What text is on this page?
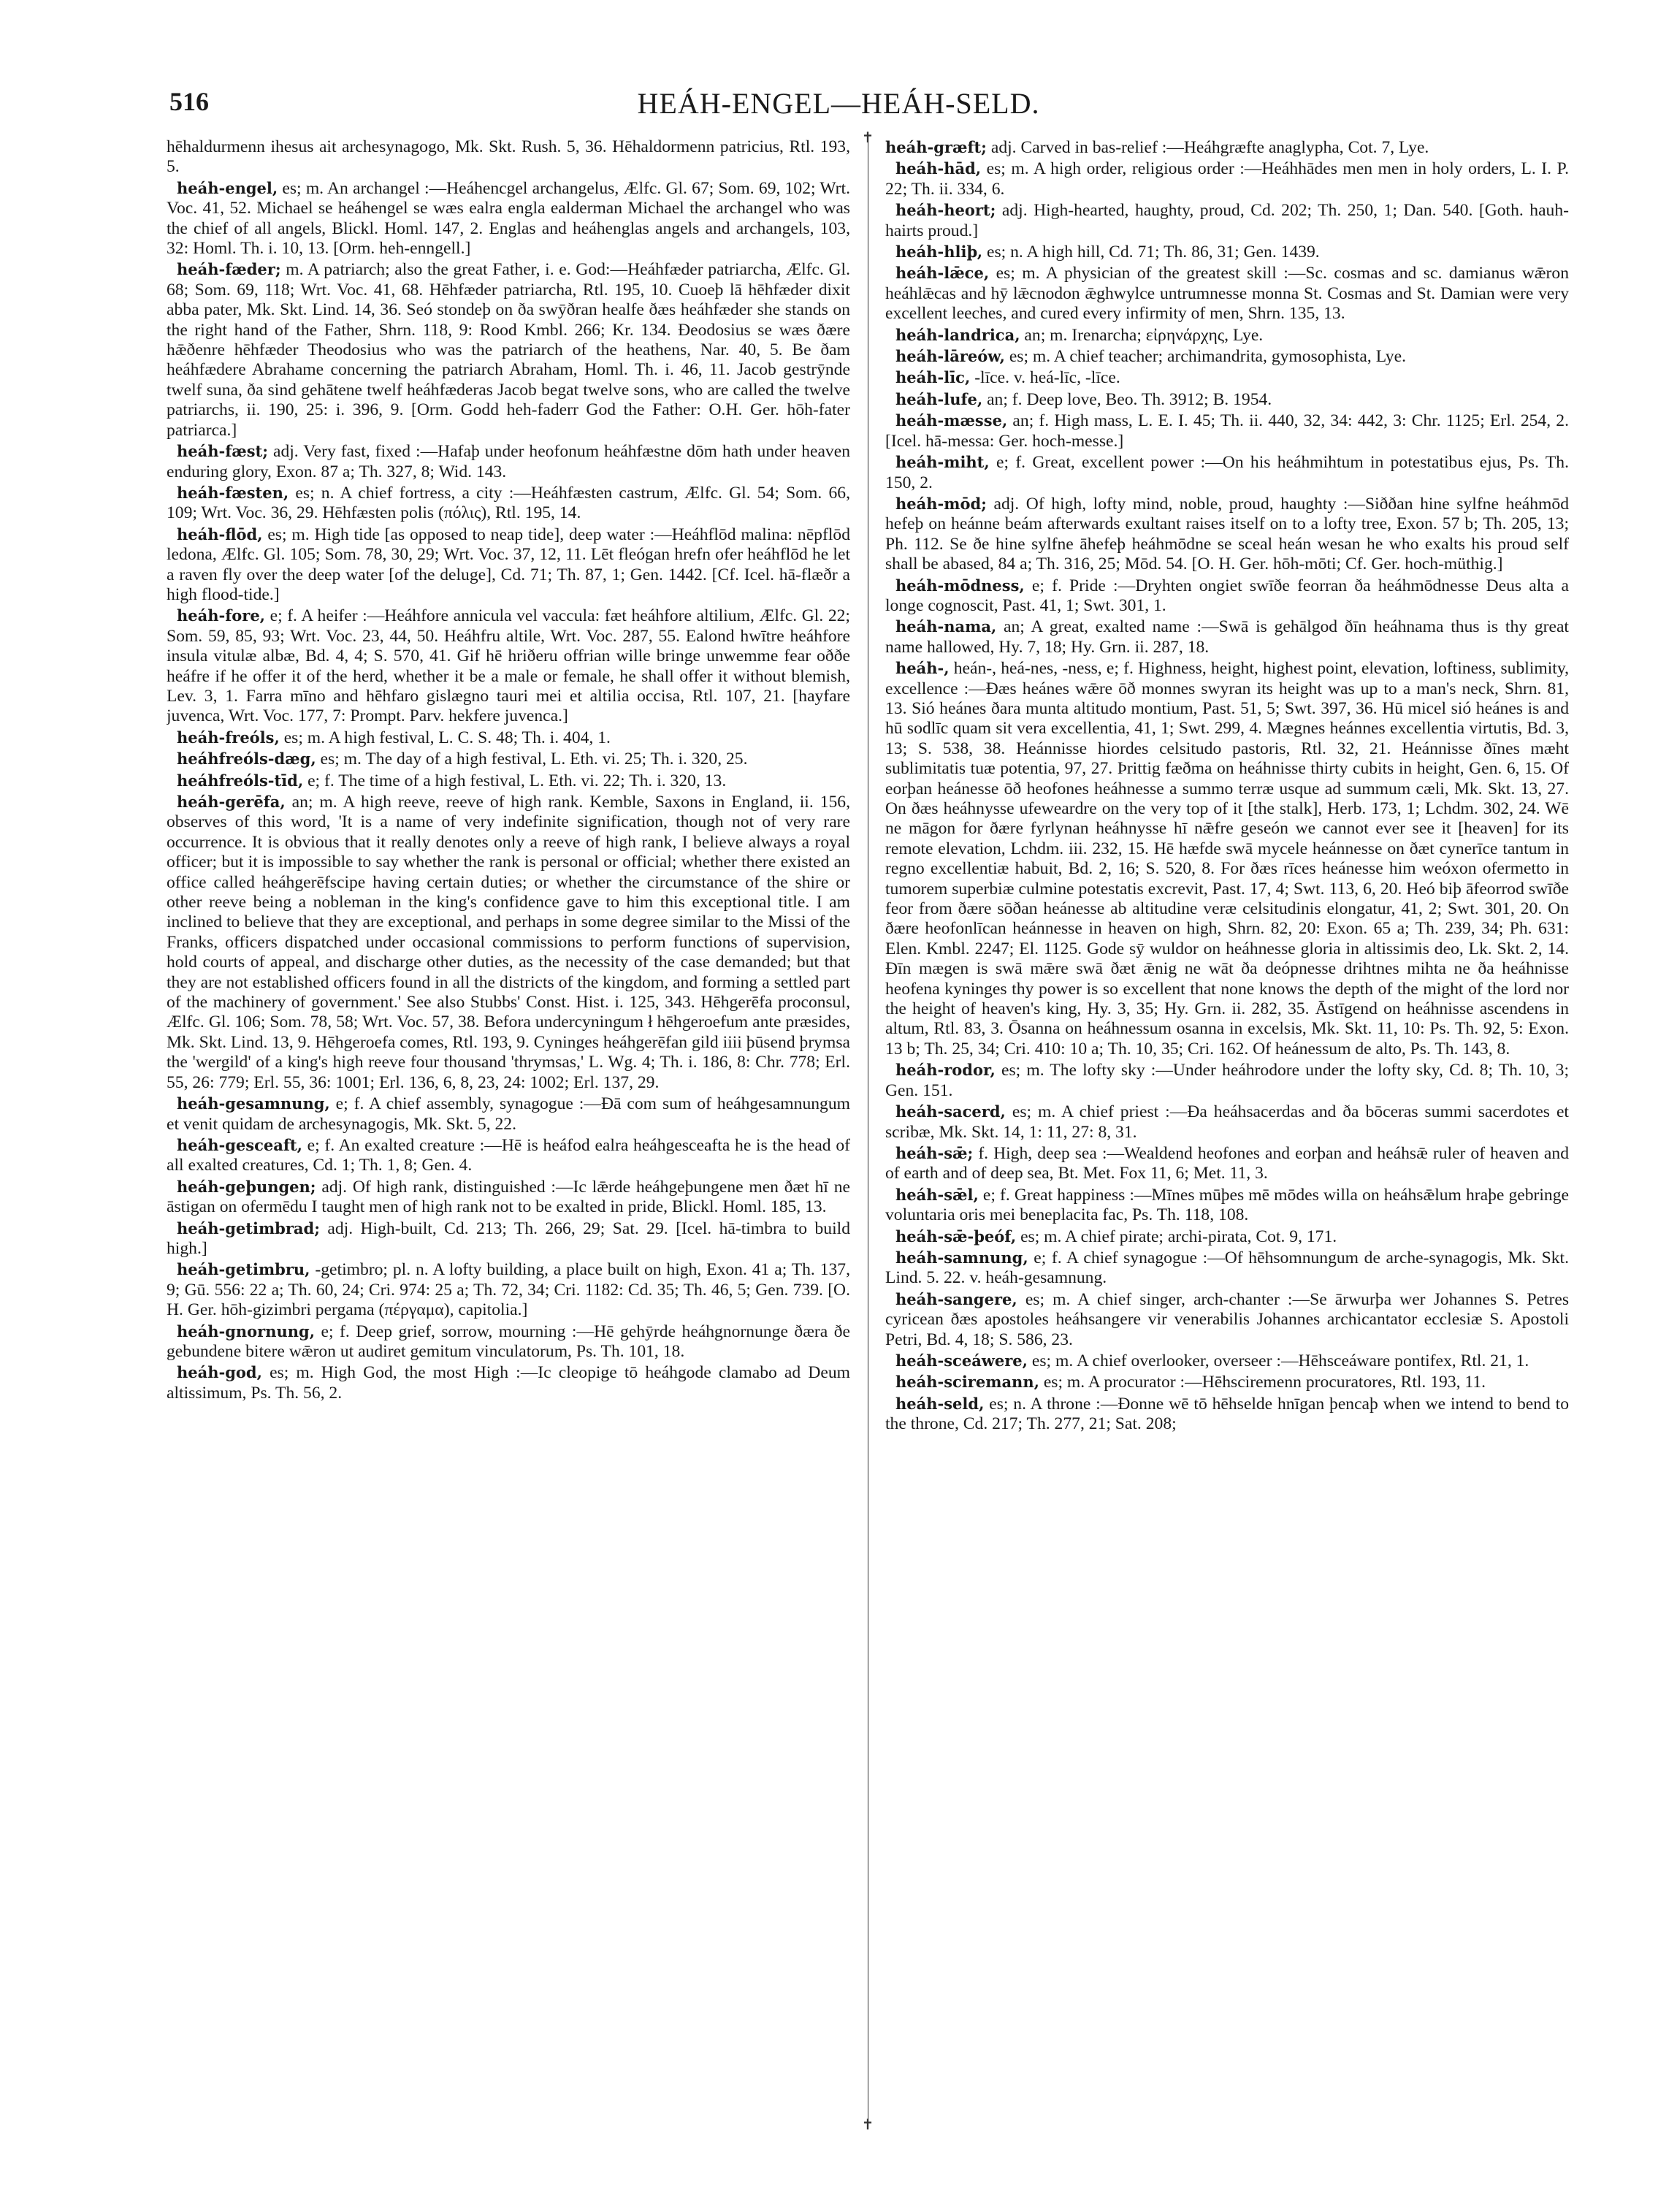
516	HEÁH-ENGEL—HEÁH-SELD.
✝
✝

hēhaldurmenn ihesus ait archesynagogo, Mk. Skt. Rush. 5, 36. Hēhaldormenn patricius, Rtl. 193, 5.

heáh-engel, es; m. An archangel :—Heáhencgel archangelus, Ælfc. Gl. 67; Som. 69, 102; Wrt. Voc. 41, 52. Michael se heáhengel se wæs ealra engla ealderman Michael the archangel who was the chief of all angels, Blickl. Homl. 147, 2. Englas and heáhenglas angels and archangels, 103, 32: Homl. Th. i. 10, 13. [Orm. heh-enngell.]

heáh-fæder; m. A patriarch; also the great Father, i. e. God:—Heáhfæder patriarcha, Ælfc. Gl. 68; Som. 69, 118; Wrt. Voc. 41, 68. Hēhfæder patriarcha, Rtl. 195, 10. Cuoeþ lā hēhfæder dixit abba pater, Mk. Skt. Lind. 14, 36. Seó stondeþ on ða swȳðran healfe ðæs heáhfæder she stands on the right hand of the Father, Shrn. 118, 9: Rood Kmbl. 266; Kr. 134. Đeodosius se wæs ðære hǣðenre hēhfæder Theodosius who was the patriarch of the heathens, Nar. 40, 5. Be ðam heáhfædere Abrahame concerning the patriarch Abraham, Homl. Th. i. 46, 11. Jacob gestrȳnde twelf suna, ða sind gehātene twelf heáhfæderas Jacob begat twelve sons, who are called the twelve patriarchs, ii. 190, 25: i. 396, 9. [Orm. Godd heh-faderr God the Father: O.H. Ger. hōh-fater patriarca.]

heáh-fæst; adj. Very fast, fixed :—Hafaþ under heofonum heáhfæstne dōm hath under heaven enduring glory, Exon. 87 a; Th. 327, 8; Wid. 143.

heáh-fæsten, es; n. A chief fortress, a city :—Heáhfæsten castrum, Ælfc. Gl. 54; Som. 66, 109; Wrt. Voc. 36, 29. Hēhfæsten polis (πόλις), Rtl. 195, 14.

heáh-flōd, es; m. High tide [as opposed to neap tide], deep water :—Heáhflōd malina: nēpflōd ledona, Ælfc. Gl. 105; Som. 78, 30, 29; Wrt. Voc. 37, 12, 11. Lēt fleógan hrefn ofer heáhflōd he let a raven fly over the deep water [of the deluge], Cd. 71; Th. 87, 1; Gen. 1442. [Cf. Icel. hā-flæðr a high flood-tide.]

heáh-fore, e; f. A heifer :—Heáhfore annicula vel vaccula: fæt heáhfore altilium, Ælfc. Gl. 22; Som. 59, 85, 93; Wrt. Voc. 23, 44, 50. Heáhfru altile, Wrt. Voc. 287, 55. Ealond hwītre heáhfore insula vitulæ albæ, Bd. 4, 4; S. 570, 41. Gif hē hriðeru offrian wille bringe unwemme fear oððe heáfre if he offer it of the herd, whether it be a male or female, he shall offer it without blemish, Lev. 3, 1. Farra mīno and hēhfaro gislægno tauri mei et altilia occisa, Rtl. 107, 21. [hayfare juvenca, Wrt. Voc. 177, 7: Prompt. Parv. hekfere juvenca.]

heáh-freóls, es; m. A high festival, L. C. S. 48; Th. i. 404, 1.

heáhfreóls-dæg, es; m. The day of a high festival, L. Eth. vi. 25; Th. i. 320, 25.

heáhfreóls-tīd, e; f. The time of a high festival, L. Eth. vi. 22; Th. i. 320, 13.

heáh-gerēfa, an; m. A high reeve, reeve of high rank. Kemble, Saxons in England, ii. 156, observes of this word, 'It is a name of very indefinite signification, though not of very rare occurrence. It is obvious that it really denotes only a reeve of high rank, I believe always a royal officer; but it is impossible to say whether the rank is personal or official; whether there existed an office called heáhgerēfscipe having certain duties; or whether the circumstance of the shire or other reeve being a nobleman in the king's confidence gave to him this exceptional title. I am inclined to believe that they are exceptional, and perhaps in some degree similar to the Missi of the Franks, officers dispatched under occasional commissions to perform functions of supervision, hold courts of appeal, and discharge other duties, as the necessity of the case demanded; but that they are not established officers found in all the districts of the kingdom, and forming a settled part of the machinery of government.' See also Stubbs' Const. Hist. i. 125, 343. Hēhgerēfa proconsul, Ælfc. Gl. 106; Som. 78, 58; Wrt. Voc. 57, 38. Befora undercyningum ł hēhgeroefum ante præsides, Mk. Skt. Lind. 13, 9. Hēhgeroefa comes, Rtl. 193, 9. Cyninges heáhgerēfan gild iiii þūsend þrymsa the 'wergild' of a king's high reeve four thousand 'thrymsas,' L. Wg. 4; Th. i. 186, 8: Chr. 778; Erl. 55, 26: 779; Erl. 55, 36: 1001; Erl. 136, 6, 8, 23, 24: 1002; Erl. 137, 29.

heáh-gesamnung, e; f. A chief assembly, synagogue :—Ðā com sum of heáhgesamnungum et venit quidam de archesynagogis, Mk. Skt. 5, 22.

heáh-gesceaft, e; f. An exalted creature :—Hē is heáfod ealra heáhgesceafta he is the head of all exalted creatures, Cd. 1; Th. 1, 8; Gen. 4.

heáh-geþungen; adj. Of high rank, distinguished :—Ic lǣrde heáhgeþungene men ðæt hī ne āstigan on ofermēdu I taught men of high rank not to be exalted in pride, Blickl. Homl. 185, 13.

heáh-getimbrad; adj. High-built, Cd. 213; Th. 266, 29; Sat. 29. [Icel. hā-timbra to build high.]

heáh-getimbru, -getimbro; pl. n. A lofty building, a place built on high, Exon. 41 a; Th. 137, 9; Gū. 556: 22 a; Th. 60, 24; Cri. 974: 25 a; Th. 72, 34; Cri. 1182: Cd. 35; Th. 46, 5; Gen. 739. [O. H. Ger. hōh-gizimbri pergama (πέργαμα), capitolia.]

heáh-gnornung, e; f. Deep grief, sorrow, mourning :—Hē gehȳrde heáhgnornunge ðæra ðe gebundene bitere wǣron ut audiret gemitum vinculatorum, Ps. Th. 101, 18.

heáh-god, es; m. High God, the most High :—Ic cleopige tō heáhgode clamabo ad Deum altissimum, Ps. Th. 56, 2.

heáh-græft; adj. Carved in bas-relief :—Heáhgræfte anaglypha, Cot. 7, Lye.

heáh-hād, es; m. A high order, religious order :—Heáhhādes men men in holy orders, L. I. P. 22; Th. ii. 334, 6.

heáh-heort; adj. High-hearted, haughty, proud, Cd. 202; Th. 250, 1; Dan. 540. [Goth. hauh-hairts proud.]

heáh-hliþ, es; n. A high hill, Cd. 71; Th. 86, 31; Gen. 1439.

heáh-lǣce, es; m. A physician of the greatest skill :—Sc. cosmas and sc. damianus wǣron heáhlǣcas and hȳ lǣcnodon ǣghwylce untrumnesse monna St. Cosmas and St. Damian were very excellent leeches, and cured every infirmity of men, Shrn. 135, 13.

heáh-landrica, an; m. Irenarcha; εἰρηνάρχης, Lye.

heáh-lāreów, es; m. A chief teacher; archimandrita, gymosophista, Lye.

heáh-līc, -līce. v. heá-līc, -līce.

heáh-lufe, an; f. Deep love, Beo. Th. 3912; B. 1954.

heáh-mæsse, an; f. High mass, L. E. I. 45; Th. ii. 440, 32, 34: 442, 3: Chr. 1125; Erl. 254, 2. [Icel. hā-messa: Ger. hoch-messe.]

heáh-miht, e; f. Great, excellent power :—On his heáhmihtum in potestatibus ejus, Ps. Th. 150, 2.

heáh-mōd; adj. Of high, lofty mind, noble, proud, haughty :—Siððan hine sylfne heáhmōd hefeþ on heánne beám afterwards exultant raises itself on to a lofty tree, Exon. 57 b; Th. 205, 13; Ph. 112. Se ðe hine sylfne āhefeþ heáhmōdne se sceal heán wesan he who exalts his proud self shall be abased, 84 a; Th. 316, 25; Mōd. 54. [O. H. Ger. hōh-mōti; Cf. Ger. hoch-müthig.]

heáh-mōdness, e; f. Pride :—Dryhten ongiet swīðe feorran ða heáhmōdnesse Deus alta a longe cognoscit, Past. 41, 1; Swt. 301, 1.

heáh-nama, an; A great, exalted name :—Swā is gehālgod ðīn heáhnama thus is thy great name hallowed, Hy. 7, 18; Hy. Grn. ii. 287, 18.

heáh-, heán-, heá-nes, -ness, e; f. Highness, height, highest point, elevation, loftiness, sublimity, excellence :—Ðæs heánes wǣre ōð monnes swyran its height was up to a man's neck, Shrn. 81, 13. Sió heánes ðara munta altitudo montium, Past. 51, 5; Swt. 397, 36. Hū micel sió heánes is and hū sodlīc quam sit vera excellentia, 41, 1; Swt. 299, 4. Mægnes heánnes excellentia virtutis, Bd. 3, 13; S. 538, 38. Heánnisse hiordes celsitudo pastoris, Rtl. 32, 21. Heánnisse ðīnes mæht sublimitatis tuæ potentia, 97, 27. Þrittig fæðma on heáhnisse thirty cubits in height, Gen. 6, 15. Of eorþan heánesse ōð heofones heáhnesse a summo terræ usque ad summum cæli, Mk. Skt. 13, 27. On ðæs heáhnysse ufeweardre on the very top of it [the stalk], Herb. 173, 1; Lchdm. 302, 24. Wē ne māgon for ðære fyrlynan heáhnysse hī nǣfre geseón we cannot ever see it [heaven] for its remote elevation, Lchdm. iii. 232, 15. Hē hæfde swā mycele heánnesse on ðæt cynerīce tantum in regno excellentiæ habuit, Bd. 2, 16; S. 520, 8. For ðæs rīces heánesse him weóxon ofermetto in tumorem superbiæ culmine potestatis excrevit, Past. 17, 4; Swt. 113, 6, 20. Heó biþ āfeorrod swīðe feor from ðære sōðan heánesse ab altitudine veræ celsitudinis elongatur, 41, 2; Swt. 301, 20. On ðære heofonlīcan heánnesse in heaven on high, Shrn. 82, 20: Exon. 65 a; Th. 239, 34; Ph. 631: Elen. Kmbl. 2247; El. 1125. Gode sȳ wuldor on heáhnesse gloria in altissimis deo, Lk. Skt. 2, 14. Ðīn mægen is swā mǣre swā ðæt ǣnig ne wāt ða deópnesse drihtnes mihta ne ða heáhnisse heofena kyninges thy power is so excellent that none knows the depth of the might of the lord nor the height of heaven's king, Hy. 3, 35; Hy. Grn. ii. 282, 35. Āstīgend on heáhnisse ascendens in altum, Rtl. 83, 3. Ōsanna on heáhnessum osanna in excelsis, Mk. Skt. 11, 10: Ps. Th. 92, 5: Exon. 13 b; Th. 25, 34; Cri. 410: 10 a; Th. 10, 35; Cri. 162. Of heánessum de alto, Ps. Th. 143, 8.

heáh-rodor, es; m. The lofty sky :—Under heáhrodore under the lofty sky, Cd. 8; Th. 10, 3; Gen. 151.

heáh-sacerd, es; m. A chief priest :—Ða heáhsacerdas and ða bōceras summi sacerdotes et scribæ, Mk. Skt. 14, 1: 11, 27: 8, 31.

heáh-sǣ; f. High, deep sea :—Wealdend heofones and eorþan and heáhsǣ ruler of heaven and of earth and of deep sea, Bt. Met. Fox 11, 6; Met. 11, 3.

heáh-sǣl, e; f. Great happiness :—Mīnes mūþes mē mōdes willa on heáhsǣlum hraþe gebringe voluntaria oris mei beneplacita fac, Ps. Th. 118, 108.

heáh-sǣ-þeóf, es; m. A chief pirate; archi-pirata, Cot. 9, 171.

heáh-samnung, e; f. A chief synagogue :—Of hēhsomnungum de arche-synagogis, Mk. Skt. Lind. 5. 22. v. heáh-gesamnung.

heáh-sangere, es; m. A chief singer, arch-chanter :—Se ārwurþa wer Johannes S. Petres cyricean ðæs apostoles heáhsangere vir venerabilis Johannes archicantator ecclesiæ S. Apostoli Petri, Bd. 4, 18; S. 586, 23.

heáh-sceáwere, es; m. A chief overlooker, overseer :—Hēhsceáware pontifex, Rtl. 21, 1.

heáh-sciremann, es; m. A procurator :—Hēhsciremenn procuratores, Rtl. 193, 11.

heáh-seld, es; n. A throne :—Ðonne wē tō hēhselde hnīgan þencaþ when we intend to bend to the throne, Cd. 217; Th. 277, 21; Sat. 208;
